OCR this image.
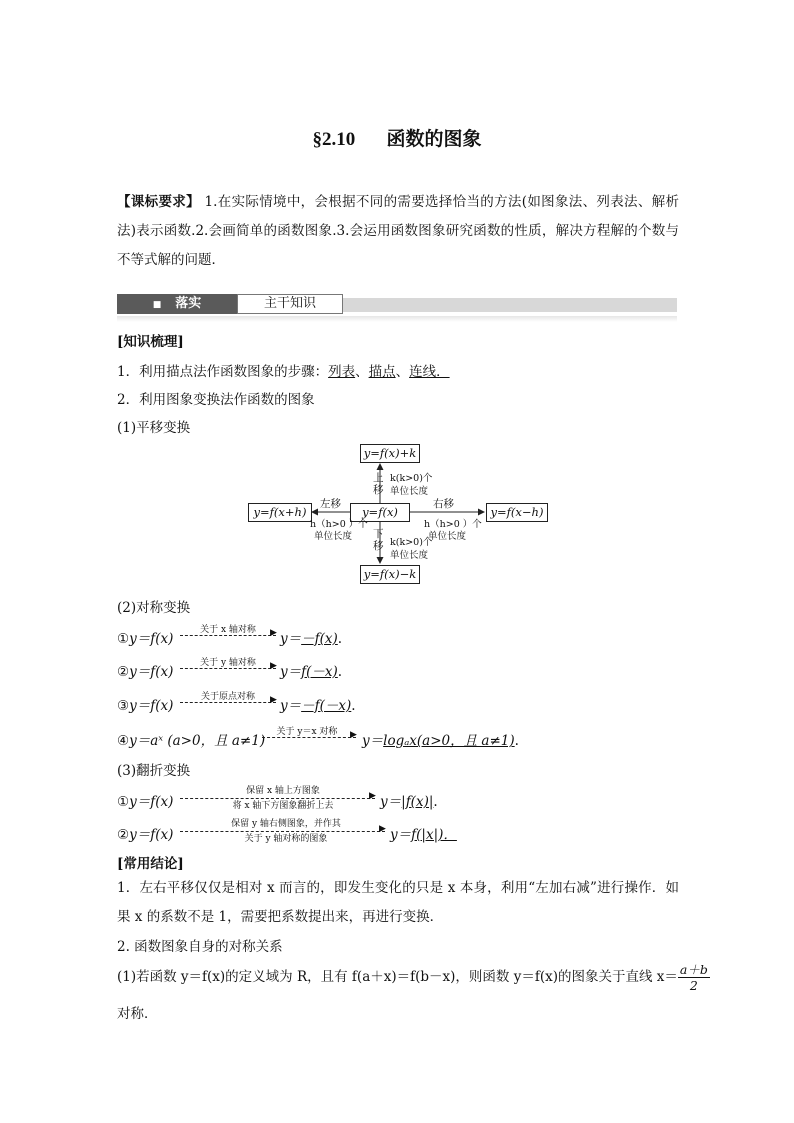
§2.10 函数的图象
【课标要求】 1.在实际情境中，会根据不同的需要选择恰当的方法(如图象法、列表法、解析法)表示函数.2.会画简单的函数图象.3.会运用函数图象研究函数的性质，解决方程解的个数与不等式解的问题．
■ 落实	主干知识
[知识梳理]
1．利用描点法作函数图象的步骤：列表、描点、连线．
2．利用图象变换法作函数的图象
(1)平移变换
y=f(x)+k
y=f(x)
y=f(x+h)	y=f(x−h)
y=f(x)−k
上移
k(k>0)个
单位长度
下移 k(k>0)个
单位长度
左移
h（h>0 ）个
单位长度
右移
h（h>0 ）个
单位长度
(2)对称变换
①y＝f(x)
关于 x 轴对称	▶ y＝－f(x).
②y＝f(x)
关于 y 轴对称	▶ y＝f(－x).
③y＝f(x)
关于原点对称	▶ y＝－f(－x).
④y＝aˣ (a>0，且 a≠1)
关于 y＝x 对称	▶ y＝logₐx(a>0，且 a≠1).
(3)翻折变换
①y＝f(x)
保留 x 轴上方图象
将 x 轴下方图象翻折上去
▶ y＝|f(x)|.
②y＝f(x)
保留 y 轴右侧图象，并作其
关于 y 轴对称的图象
▶ y＝f(|x|)．
[常用结论]
1．左右平移仅仅是相对 x 而言的，即发生变化的只是 x 本身，利用“左加右减”进行操作．如果 x 的系数不是 1，需要把系数提出来，再进行变换．
2. 函数图象自身的对称关系
(1)若函数 y＝f(x)的定义域为 R，且有 f(a＋x)＝f(b－x)，则函数 y＝f(x)的图象关于直线 $x= \frac{a+b}{2}$
对称．
